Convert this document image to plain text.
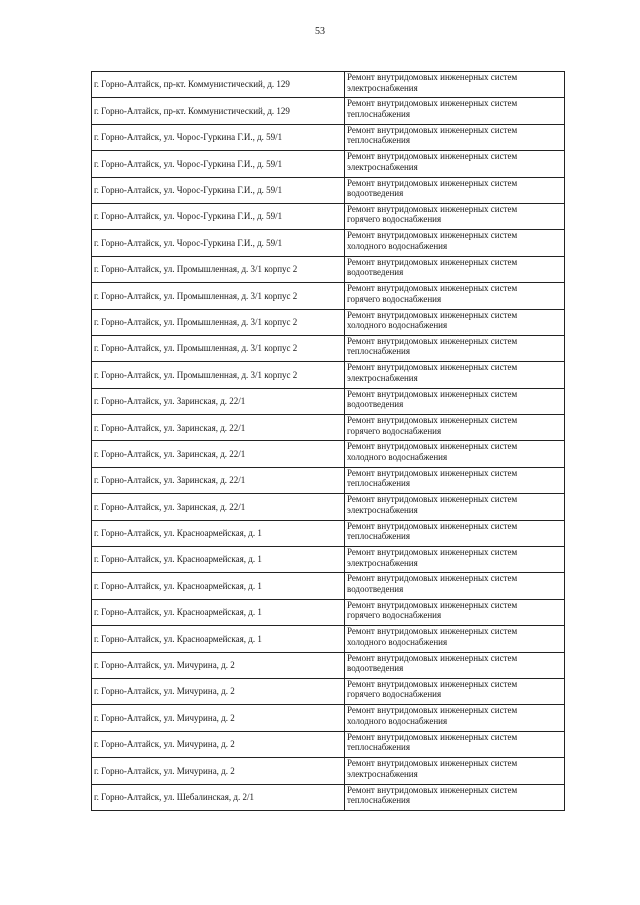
53
г. Горно-Алтайск, пр-кт. Коммунистический, д. 129	Ремонт внутридомовых инженерных систем
электроснабжения

г. Горно-Алтайск, пр-кт. Коммунистический, д. 129	Ремонт внутридомовых инженерных систем
теплоснабжения

г. Горно-Алтайск, ул. Чорос-Гуркина Г.И., д. 59/1	Ремонт внутридомовых инженерных систем
теплоснабжения

г. Горно-Алтайск, ул. Чорос-Гуркина Г.И., д. 59/1	Ремонт внутридомовых инженерных систем
электроснабжения

г. Горно-Алтайск, ул. Чорос-Гуркина Г.И., д. 59/1	Ремонт внутридомовых инженерных систем
водоотведения

г. Горно-Алтайск, ул. Чорос-Гуркина Г.И., д. 59/1	Ремонт внутридомовых инженерных систем
горячего водоснабжения

г. Горно-Алтайск, ул. Чорос-Гуркина Г.И., д. 59/1	Ремонт внутридомовых инженерных систем
холодного водоснабжения

г. Горно-Алтайск, ул. Промышленная, д. 3/1 корпус 2	Ремонт внутридомовых инженерных систем
водоотведения

г. Горно-Алтайск, ул. Промышленная, д. 3/1 корпус 2	Ремонт внутридомовых инженерных систем
горячего водоснабжения

г. Горно-Алтайск, ул. Промышленная, д. 3/1 корпус 2	Ремонт внутридомовых инженерных систем
холодного водоснабжения

г. Горно-Алтайск, ул. Промышленная, д. 3/1 корпус 2	Ремонт внутридомовых инженерных систем
теплоснабжения

г. Горно-Алтайск, ул. Промышленная, д. 3/1 корпус 2	Ремонт внутридомовых инженерных систем
электроснабжения

г. Горно-Алтайск, ул. Заринская, д. 22/1	Ремонт внутридомовых инженерных систем
водоотведения

г. Горно-Алтайск, ул. Заринская, д. 22/1	Ремонт внутридомовых инженерных систем
горячего водоснабжения

г. Горно-Алтайск, ул. Заринская, д. 22/1	Ремонт внутридомовых инженерных систем
холодного водоснабжения

г. Горно-Алтайск, ул. Заринская, д. 22/1	Ремонт внутридомовых инженерных систем
теплоснабжения

г. Горно-Алтайск, ул. Заринская, д. 22/1	Ремонт внутридомовых инженерных систем
электроснабжения

г. Горно-Алтайск, ул. Красноармейская, д. 1	Ремонт внутридомовых инженерных систем
теплоснабжения

г. Горно-Алтайск, ул. Красноармейская, д. 1	Ремонт внутридомовых инженерных систем
электроснабжения

г. Горно-Алтайск, ул. Красноармейская, д. 1	Ремонт внутридомовых инженерных систем
водоотведения

г. Горно-Алтайск, ул. Красноармейская, д. 1	Ремонт внутридомовых инженерных систем
горячего водоснабжения

г. Горно-Алтайск, ул. Красноармейская, д. 1	Ремонт внутридомовых инженерных систем
холодного водоснабжения

г. Горно-Алтайск, ул. Мичурина, д. 2	Ремонт внутридомовых инженерных систем
водоотведения

г. Горно-Алтайск, ул. Мичурина, д. 2	Ремонт внутридомовых инженерных систем
горячего водоснабжения

г. Горно-Алтайск, ул. Мичурина, д. 2	Ремонт внутридомовых инженерных систем
холодного водоснабжения

г. Горно-Алтайск, ул. Мичурина, д. 2	Ремонт внутридомовых инженерных систем
теплоснабжения

г. Горно-Алтайск, ул. Мичурина, д. 2	Ремонт внутридомовых инженерных систем
электроснабжения

г. Горно-Алтайск, ул. Шебалинская, д. 2/1	Ремонт внутридомовых инженерных систем
теплоснабжения
